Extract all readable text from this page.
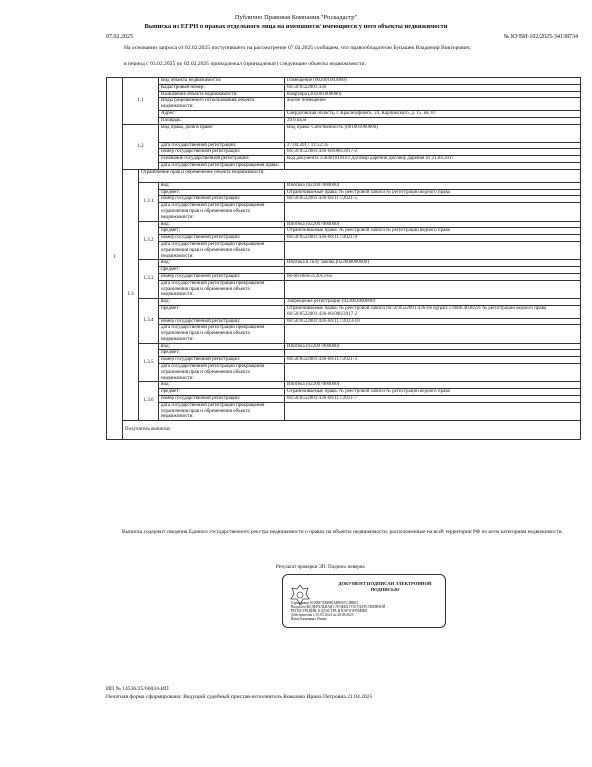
Публично Правовая Компания "Роскадастр"
Выписка из ЕГРН о правах отдельного лица на имевшиеся/ имеющиеся у него объекты недвижимости
07.02.2025	№ КУВИ-102/2025-34138734
На основании запроса от 02.02.2025 поступившего на рассмотрение 07.02.2025 сообщаем, что правообладателю Бупашев Владимир Викторович;
в период с 03.02.2025 по 02.02.2025 принадлежал (принадлежат) следующие объекты недвижимости:
1	1.1		Вид объекта недвижимости:	Помещение (002001003000)	
			Кадастровый номер:	66:50:0522001:436	
			Назначение объекта недвижимости:	Квартира (205001000000)	
			Виды разрешенного использования объекта недвижимости:	жилое помещение	
			Адрес:	Свердловская область, г. Красноуфимск, ул. Карпинского, д. 15, кв. 87	
			Площадь:	29.6 кв.м	
	1.2		Вид права, доля в праве:	Вид права: Собственность (001001000000)	
			дата государственной регистрации:	27.04.2017 11:52:35	
			номер государственной регистрации:	66:50:0522001:436-66/006/2017-2	
			основание государственной регистрации:	Код документа 558401010103 Договор дарения Договор дарения от 21.04.2017	
			дата государственной регистрации прекращения права:		
	1.3	Ограничение прав и обременение объекта недвижимости:			
		1.3.1	вид:	Ипотека (022007000000)	
			предмет:	Ограничиваемые права: № реестровой записи № регистрации ведного права	
			номер государственной регистрации:	66:50:0522001:436-66/117/2021-5	
			дата государственной регистрации прекращения ограничения прав и обременения объекта недвижимости:		
		1.3.2	вид:	Ипотека (022007000000)	
			предмет:	Ограничиваемые права: № реестровой записи № регистрации ведного права	
			номер государственной регистрации:	66:50:0522001:436-66/117/2021-9	
			дата государственной регистрации прекращения ограничения прав и обременения объекта недвижимости:		
		1.3.3	вид:	Ипотека в силу закона (022008000000)	
			предмет:		
			номер государственной регистрации:	66-66-06/651/2013-85	
			дата государственной регистрации прекращения ограничения прав и обременения объекта недвижимости:		
		1.3.4	вид:	Запрещение регистрации (022003000000)	
			предмет:	Ограничиваемые права: № реестровой записи 66:50:0522001:436-66 egrpart.1.6606.4038591 № регистрации ведного права 66:50:0522001:436-66/006/2017-2	
			номер государственной регистрации:	66:50:0522001:436-66/117/2023-10	
			дата государственной регистрации прекращения ограничения прав и обременения объекта недвижимости:		
		1.3.5	вид:	Ипотека (022007000000)	
			предмет:		
			номер государственной регистрации:	66:50:0522001:436-66/117/2021-3	
			дата государственной регистрации прекращения ограничения прав и обременения объекта недвижимости:		
		1.3.6	вид:	Ипотека (022007000000)	
			предмет:	Ограничиваемые права: № реестровой записи № регистрации ведного права	
			номер государственной регистрации:	66:50:0522001:436-66/117/2021-7	
			дата государственной регистрации прекращения ограничения прав и обременения объекта недвижимости:		
	Получатель выписки:	
Выписка содержит сведения Единого государственного реестра недвижимости о правах на объекты недвижимости, расположенные на всей территории РФ по всем категориям недвижимости.
Результат проверки ЭП: Подпись неверна
ДОКУМЕНТ ПОДПИСАН ЭЛЕКТРОННОЙ ПОДПИСЬЮ
Сертификат 01000F1D00B6AB8007C3BB01
Владелец ФЕДЕРАЛЬНАЯ СЛУЖБА ГОСУДАРСТВЕННОЙ
РЕГИСТРАЦИИ, КАДАСТРА И КАРТОГРАФИИ
Действителен с 05.05.2024 по 28.08.2025
Ваша Каменных Роман
ИП № 14536/25/66034-ИП
Печатная форма сформирована: Ведущий судебный пристав-исполнитель Ковалева Ирина Петровна 21.04.2025
